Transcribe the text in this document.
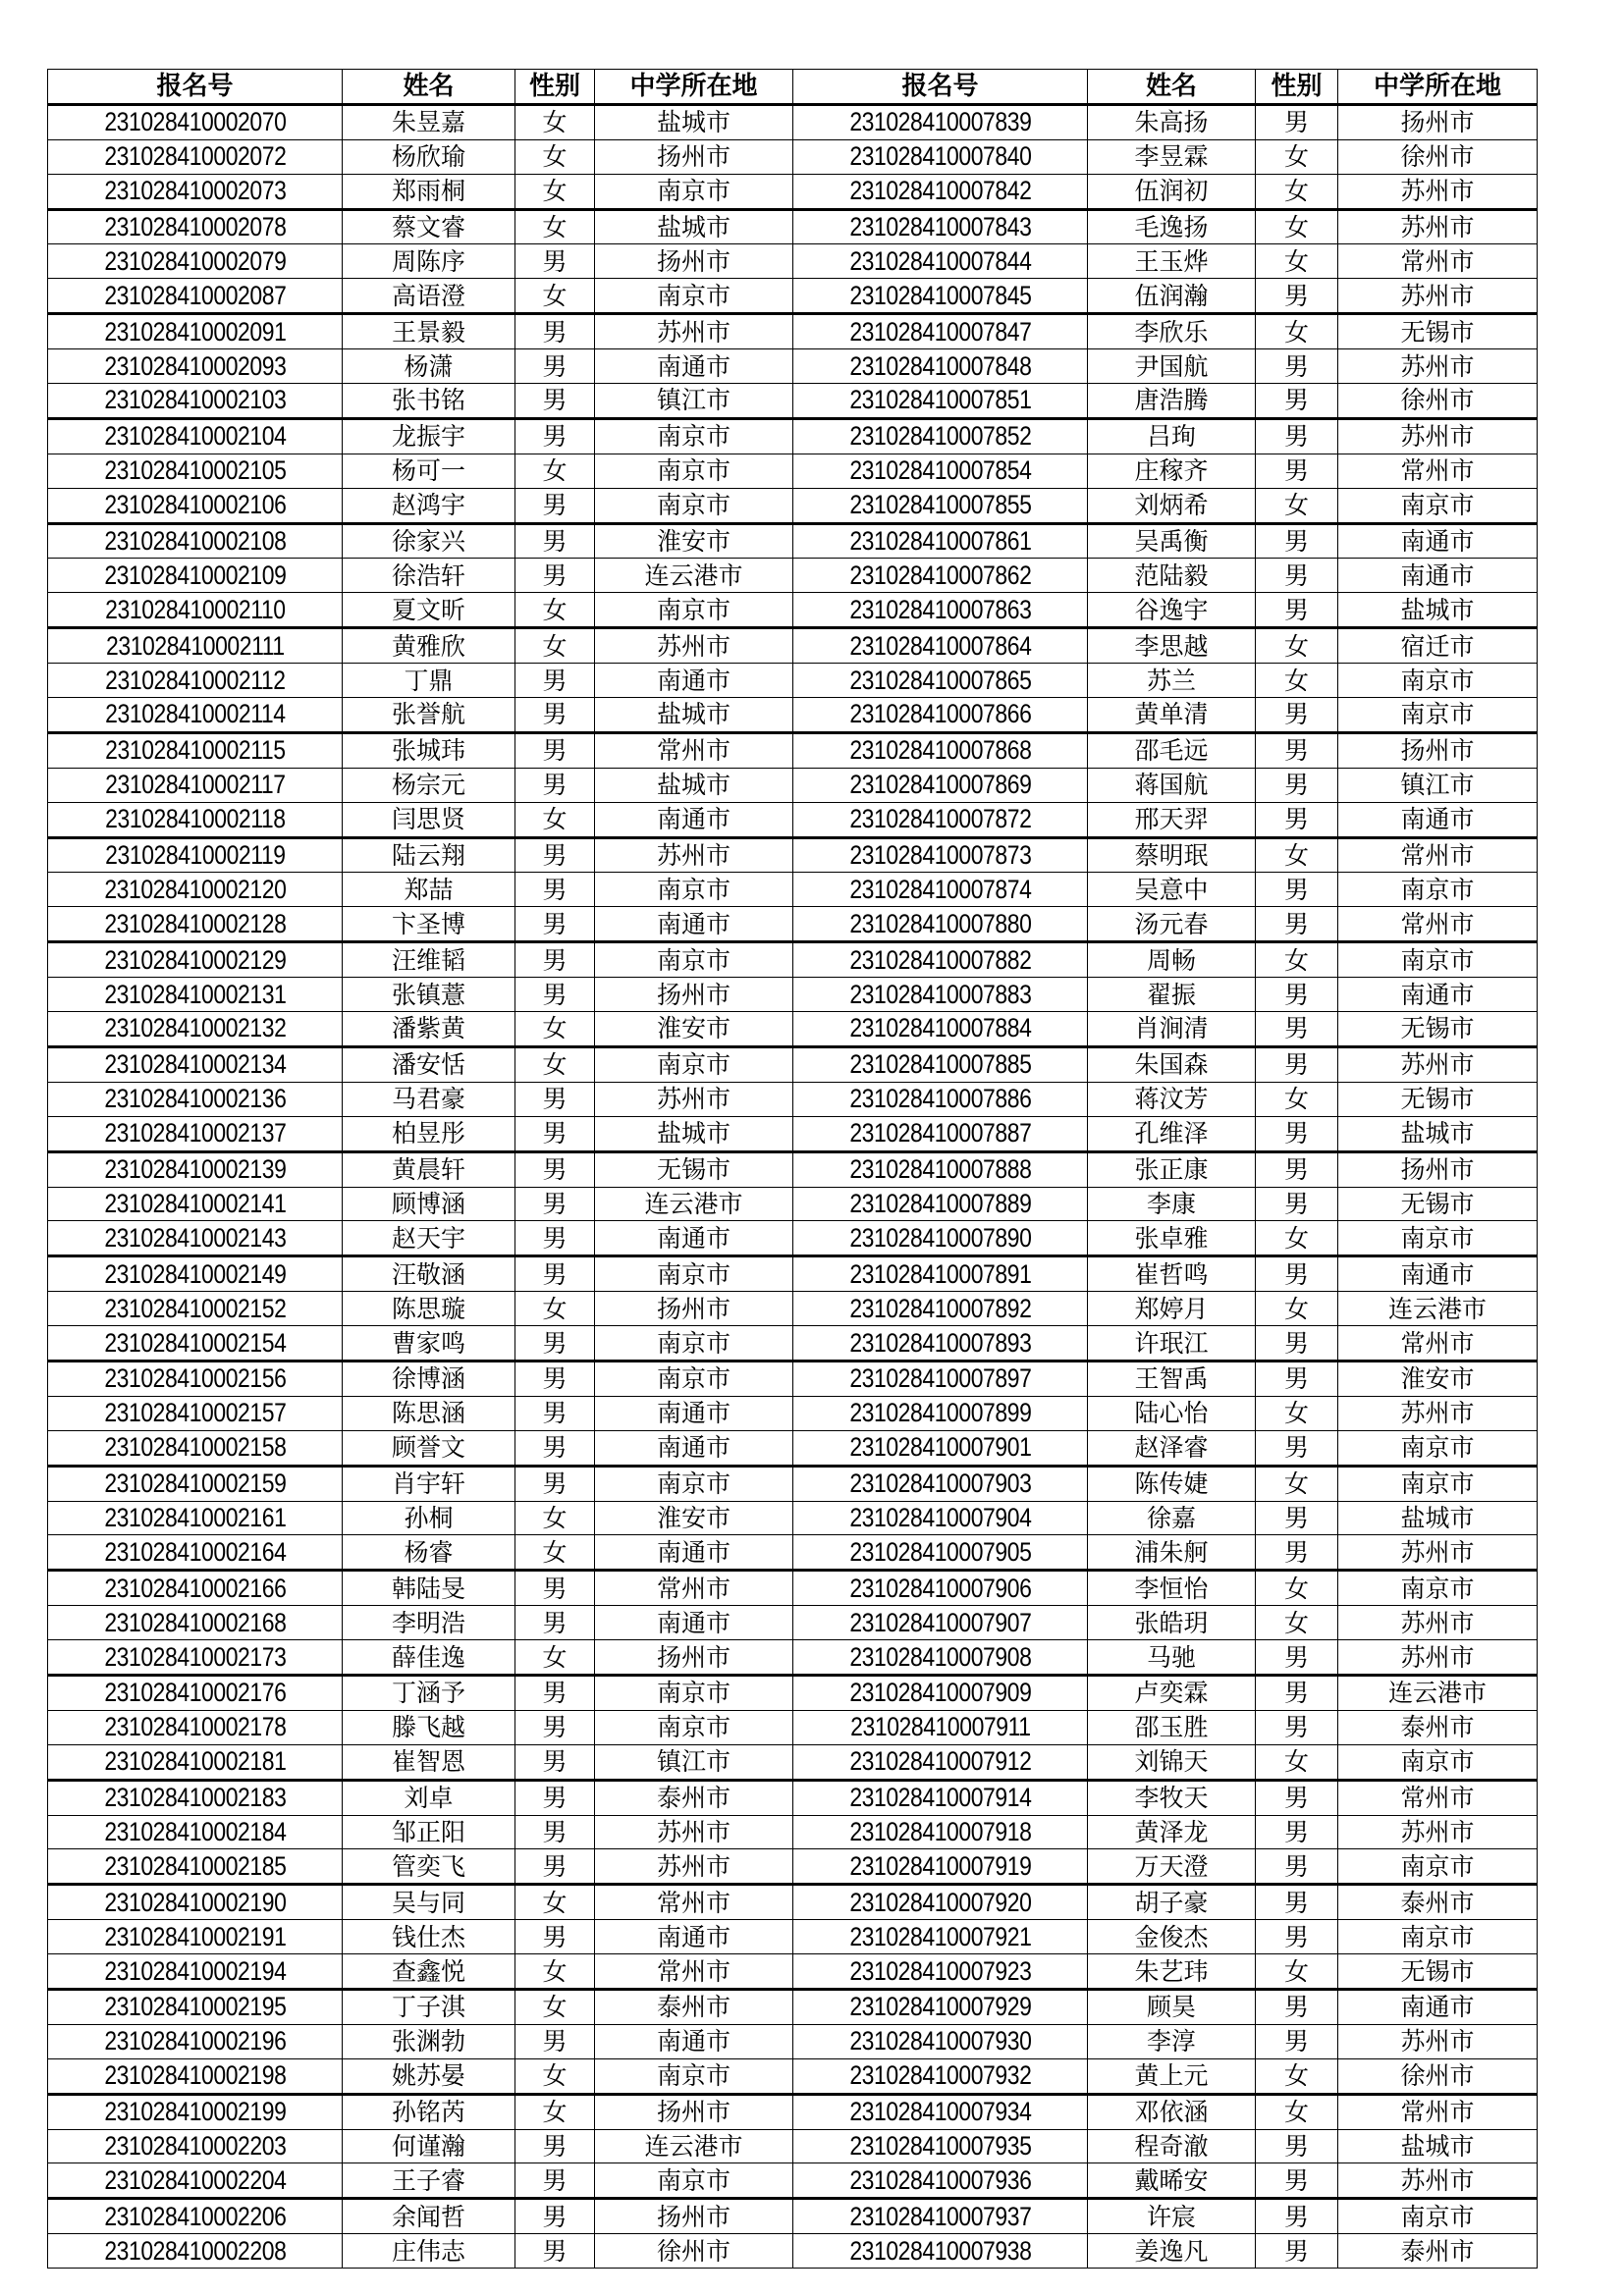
报名号	姓名	性别	中学所在地	报名号	姓名	性别	中学所在地
231028410002070	朱昱嘉	女	盐城市	231028410007839	朱高扬	男	扬州市
231028410002072	杨欣瑜	女	扬州市	231028410007840	李昱霖	女	徐州市
231028410002073	郑雨桐	女	南京市	231028410007842	伍润初	女	苏州市
231028410002078	蔡文睿	女	盐城市	231028410007843	毛逸扬	女	苏州市
231028410002079	周陈序	男	扬州市	231028410007844	王玉烨	女	常州市
231028410002087	高语澄	女	南京市	231028410007845	伍润瀚	男	苏州市
231028410002091	王景毅	男	苏州市	231028410007847	李欣乐	女	无锡市
231028410002093	杨潇	男	南通市	231028410007848	尹国航	男	苏州市
231028410002103	张书铭	男	镇江市	231028410007851	唐浩腾	男	徐州市
231028410002104	龙振宇	男	南京市	231028410007852	吕珣	男	苏州市
231028410002105	杨可一	女	南京市	231028410007854	庄稼齐	男	常州市
231028410002106	赵鸿宇	男	南京市	231028410007855	刘炳希	女	南京市
231028410002108	徐家兴	男	淮安市	231028410007861	吴禹衡	男	南通市
231028410002109	徐浩轩	男	连云港市	231028410007862	范陆毅	男	南通市
231028410002110	夏文昕	女	南京市	231028410007863	谷逸宇	男	盐城市
231028410002111	黄雅欣	女	苏州市	231028410007864	李思越	女	宿迁市
231028410002112	丁鼎	男	南通市	231028410007865	苏兰	女	南京市
231028410002114	张誉航	男	盐城市	231028410007866	黄单清	男	南京市
231028410002115	张城玮	男	常州市	231028410007868	邵毛远	男	扬州市
231028410002117	杨宗元	男	盐城市	231028410007869	蒋国航	男	镇江市
231028410002118	闫思贤	女	南通市	231028410007872	邢天羿	男	南通市
231028410002119	陆云翔	男	苏州市	231028410007873	蔡明珉	女	常州市
231028410002120	郑喆	男	南京市	231028410007874	吴意中	男	南京市
231028410002128	卞圣博	男	南通市	231028410007880	汤元春	男	常州市
231028410002129	汪维韬	男	南京市	231028410007882	周畅	女	南京市
231028410002131	张镇薏	男	扬州市	231028410007883	翟振	男	南通市
231028410002132	潘紫黄	女	淮安市	231028410007884	肖涧清	男	无锡市
231028410002134	潘安恬	女	南京市	231028410007885	朱国森	男	苏州市
231028410002136	马君豪	男	苏州市	231028410007886	蒋汶芳	女	无锡市
231028410002137	柏昱彤	男	盐城市	231028410007887	孔维泽	男	盐城市
231028410002139	黄晨轩	男	无锡市	231028410007888	张正康	男	扬州市
231028410002141	顾博涵	男	连云港市	231028410007889	李康	男	无锡市
231028410002143	赵天宇	男	南通市	231028410007890	张卓雅	女	南京市
231028410002149	汪敬涵	男	南京市	231028410007891	崔哲鸣	男	南通市
231028410002152	陈思璇	女	扬州市	231028410007892	郑婷月	女	连云港市
231028410002154	曹家鸣	男	南京市	231028410007893	许珉江	男	常州市
231028410002156	徐博涵	男	南京市	231028410007897	王智禹	男	淮安市
231028410002157	陈思涵	男	南通市	231028410007899	陆心怡	女	苏州市
231028410002158	顾誉文	男	南通市	231028410007901	赵泽睿	男	南京市
231028410002159	肖宇轩	男	南京市	231028410007903	陈传婕	女	南京市
231028410002161	孙桐	女	淮安市	231028410007904	徐嘉	男	盐城市
231028410002164	杨睿	女	南通市	231028410007905	浦朱舸	男	苏州市
231028410002166	韩陆旻	男	常州市	231028410007906	李恒怡	女	南京市
231028410002168	李明浩	男	南通市	231028410007907	张皓玥	女	苏州市
231028410002173	薛佳逸	女	扬州市	231028410007908	马驰	男	苏州市
231028410002176	丁涵予	男	南京市	231028410007909	卢奕霖	男	连云港市
231028410002178	滕飞越	男	南京市	231028410007911	邵玉胜	男	泰州市
231028410002181	崔智恩	男	镇江市	231028410007912	刘锦天	女	南京市
231028410002183	刘卓	男	泰州市	231028410007914	李牧天	男	常州市
231028410002184	邹正阳	男	苏州市	231028410007918	黄泽龙	男	苏州市
231028410002185	管奕飞	男	苏州市	231028410007919	万天澄	男	南京市
231028410002190	吴与同	女	常州市	231028410007920	胡子豪	男	泰州市
231028410002191	钱仕杰	男	南通市	231028410007921	金俊杰	男	南京市
231028410002194	查鑫悦	女	常州市	231028410007923	朱艺玮	女	无锡市
231028410002195	丁子淇	女	泰州市	231028410007929	顾昊	男	南通市
231028410002196	张渊勃	男	南通市	231028410007930	李淳	男	苏州市
231028410002198	姚苏晏	女	南京市	231028410007932	黄上元	女	徐州市
231028410002199	孙铭芮	女	扬州市	231028410007934	邓依涵	女	常州市
231028410002203	何谨瀚	男	连云港市	231028410007935	程奇澈	男	盐城市
231028410002204	王子睿	男	南京市	231028410007936	戴晞安	男	苏州市
231028410002206	余闻哲	男	扬州市	231028410007937	许宸	男	南京市
231028410002208	庄伟志	男	徐州市	231028410007938	姜逸凡	男	泰州市
